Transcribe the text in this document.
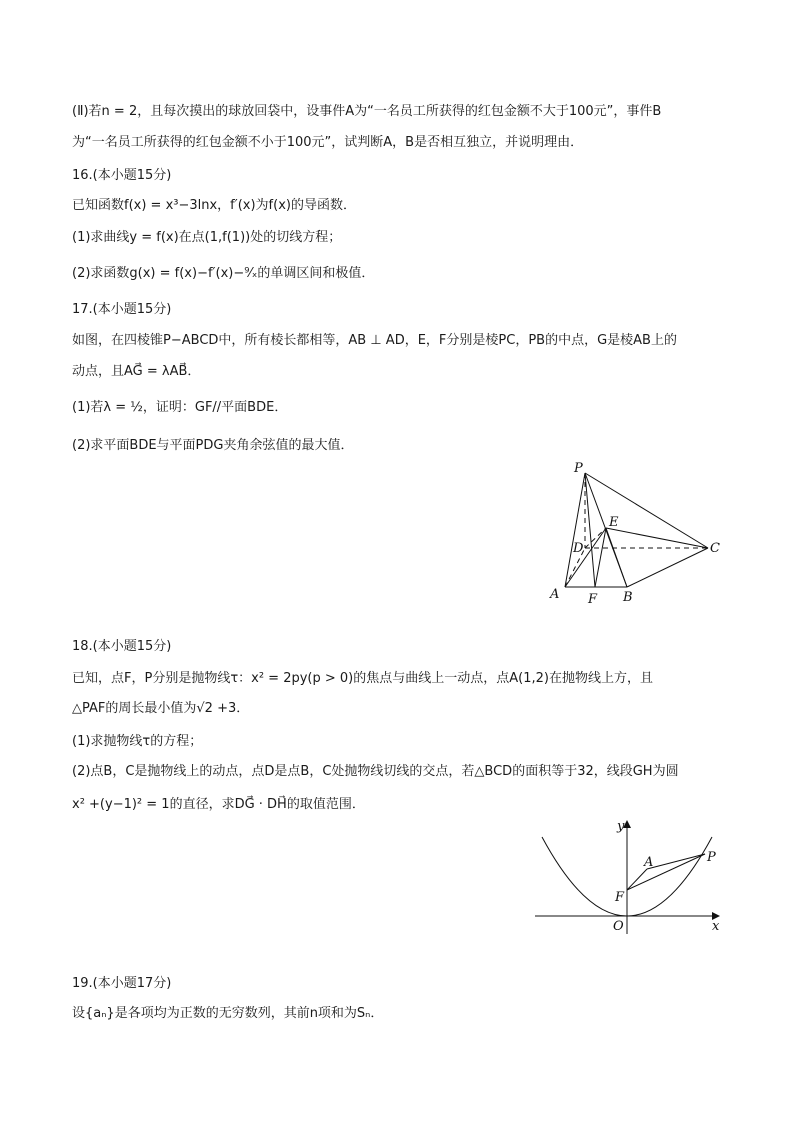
(Ⅱ)若n = 2，且每次摸出的球放回袋中，设事件A为“一名员工所获得的红包金额不大于100元”，事件B
为“一名员工所获得的红包金额不小于100元”，试判断A，B是否相互独立，并说明理由．
16.(本小题15分)
已知函数f(x) = x³−3lnx，f′(x)为f(x)的导函数．
(1)求曲线y = f(x)在点(1,f(1))处的切线方程；
(2)求函数g(x) = f(x)−f′(x)−⁹⁄ₓ的单调区间和极值．
17.(本小题15分)
如图，在四棱锥P−ABCD中，所有棱长都相等，AB ⊥ AD，E，F分别是棱PC，PB的中点，G是棱AB上的
动点，且AG⃗ = λAB⃗．
(1)若λ = ½，证明：GF//平面BDE．
(2)求平面BDE与平面PDG夹角余弦值的最大值．
P
E
D	C
A F B
18.(本小题15分)
已知，点F，P分别是抛物线τ：x² = 2py(p > 0)的焦点与曲线上一动点，点A(1,2)在抛物线上方，且
△PAF的周长最小值为√2 +3．
(1)求抛物线τ的方程；
(2)点B，C是抛物线上的动点，点D是点B，C处抛物线切线的交点，若△BCD的面积等于32，线段GH为圆
x² +(y−1)² = 1的直径，求DG⃗ · DH⃗的取值范围．
y
A	P
F
O	x
19.(本小题17分)
设{aₙ}是各项均为正数的无穷数列，其前n项和为Sₙ．
